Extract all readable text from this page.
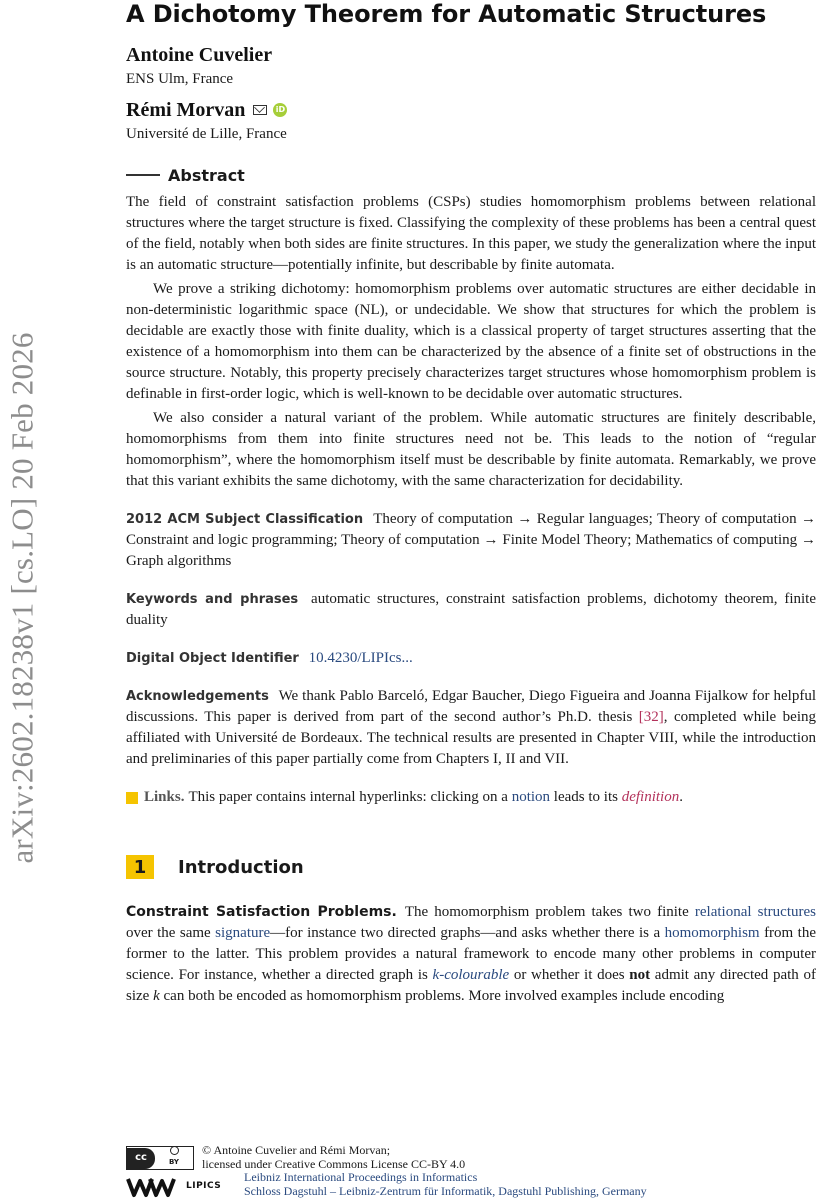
arXiv:2602.18238v1 [cs.LO] 20 Feb 2026
A Dichotomy Theorem for Automatic Structures
Antoine Cuvelier
ENS Ulm, France
Rémi Morvan	iD
Université de Lille, France
Abstract

The field of constraint satisfaction problems (CSPs) studies homomorphism problems between relational structures where the target structure is fixed. Classifying the complexity of these problems has been a central quest of the field, notably when both sides are finite structures. In this paper, we study the generalization where the input is an automatic structure—potentially infinite, but describable by finite automata.

We prove a striking dichotomy: homomorphism problems over automatic structures are either decidable in non-deterministic logarithmic space (NL), or undecidable. We show that structures for which the problem is decidable are exactly those with finite duality, which is a classical property of target structures asserting that the existence of a homomorphism into them can be characterized by the absence of a finite set of obstructions in the source structure. Notably, this property precisely characterizes target structures whose homomorphism problem is definable in first-order logic, which is well-known to be decidable over automatic structures.

We also consider a natural variant of the problem. While automatic structures are finitely describable, homomorphisms from them into finite structures need not be. This leads to the notion of “regular homomorphism”, where the homomorphism itself must be describable by finite automata. Remarkably, we prove that this variant exhibits the same dichotomy, with the same characterization for decidability.

2012 ACM Subject Classification Theory of computation → Regular languages; Theory of computation → Constraint and logic programming; Theory of computation → Finite Model Theory; Mathematics of computing → Graph algorithms

Keywords and phrases automatic structures, constraint satisfaction problems, dichotomy theorem, finite duality

Digital Object Identifier 10.4230/LIPIcs...

Acknowledgements We thank Pablo Barceló, Edgar Baucher, Diego Figueira and Joanna Fijalkow for helpful discussions. This paper is derived from part of the second author’s Ph.D. thesis [32], completed while being affiliated with Université de Bordeaux. The technical results are presented in Chapter VIII, while the introduction and preliminaries of this paper partially come from Chapters I, II and VII.

Links. This paper contains internal hyperlinks: clicking on a
notion
leads to its
definition .
1	Introduction

Constraint Satisfaction Problems. The homomorphism problem takes two finite relational structures over the same signature—for instance two directed graphs—and asks whether there is a homomorphism from the former to the latter. This problem provides a natural framework to encode many other problems in computer science. For instance, whether a directed graph is k-colourable or whether it does not admit any directed path of size k can both be encoded as homomorphism problems. More involved examples include encoding

cc	BY
© Antoine Cuvelier and Rémi Morvan;
licensed under Creative Commons License CC-BY 4.0
LIPICS
Leibniz International Proceedings in Informatics
Schloss Dagstuhl – Leibniz-Zentrum für Informatik, Dagstuhl Publishing, Germany
